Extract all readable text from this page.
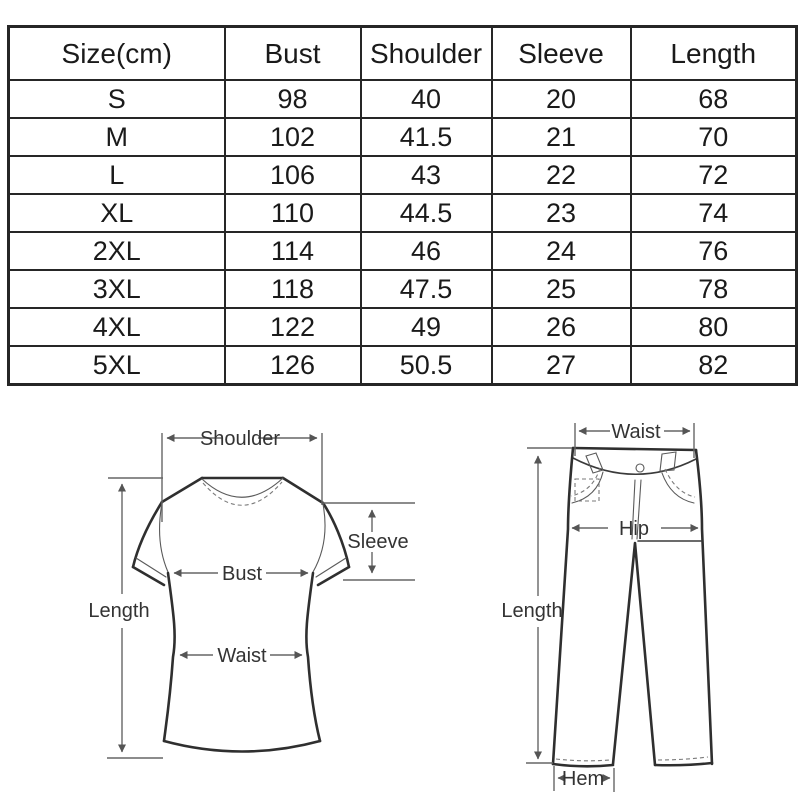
Size(cm)	Bust	Shoulder	Sleeve	Length
S	98	40	20	68
M	102	41.5	21	70
L	106	43	22	72
XL	110	44.5	23	74
2XL	114	46	24	76
3XL	118	47.5	25	78
4XL	122	49	26	80
5XL	126	50.5	27	82
Shoulder
Sleeve
Bust
Waist
Length
Waist
Hip
Length
Hem
